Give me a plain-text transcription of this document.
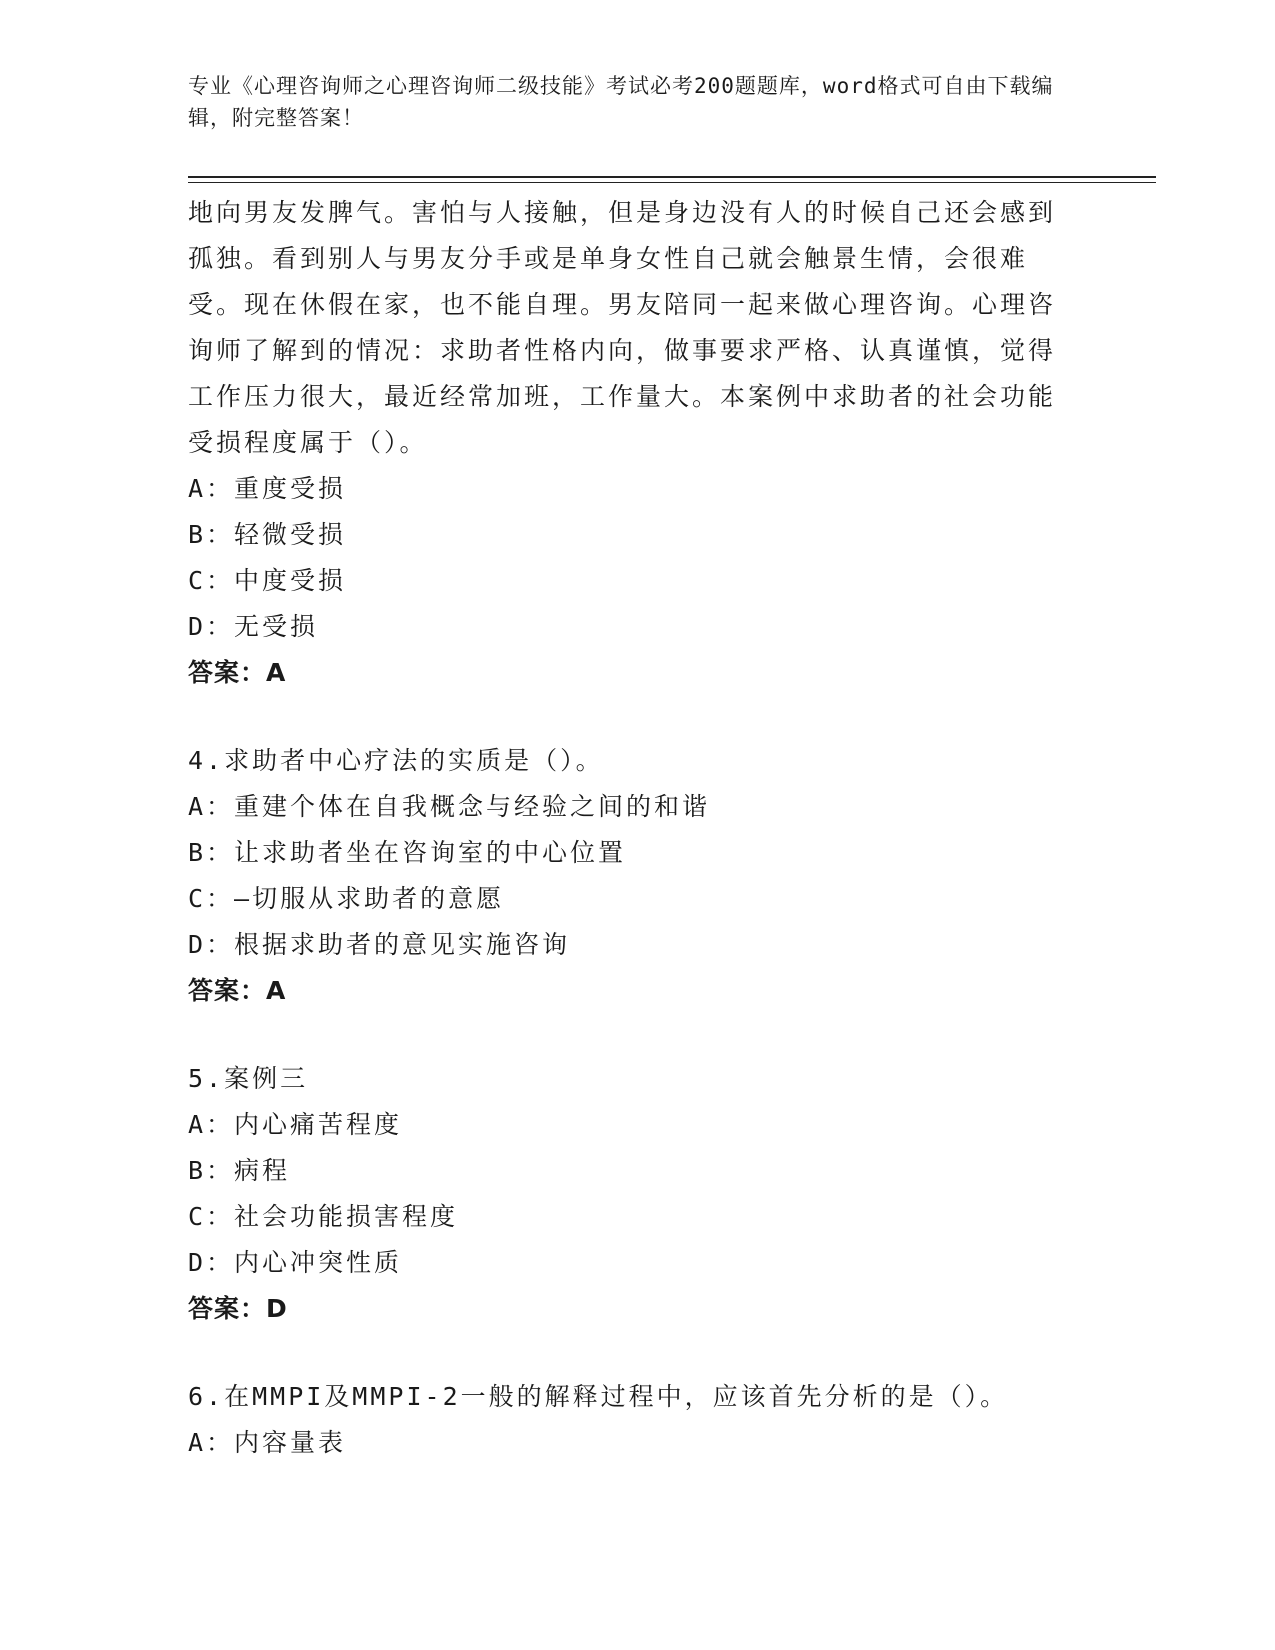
专业《心理咨询师之心理咨询师二级技能》考试必考200题题库，word格式可自由下载编辑，附完整答案！

地向男友发脾气。害怕与人接触，但是身边没有人的时候自己还会感到孤独。看到别人与男友分手或是单身女性自己就会触景生情，会很难受。现在休假在家，也不能自理。男友陪同一起来做心理咨询。心理咨询师了解到的情况：求助者性格内向，做事要求严格、认真谨慎，觉得工作压力很大，最近经常加班，工作量大。本案例中求助者的社会功能受损程度属于（）。

A：重度受损
B：轻微受损
C：中度受损
D：无受损
答案：A
4.求助者中心疗法的实质是（）。
A：重建个体在自我概念与经验之间的和谐
B：让求助者坐在咨询室的中心位置
C：—切服从求助者的意愿
D：根据求助者的意见实施咨询
答案：A
5.案例三
A：内心痛苦程度
B：病程
C：社会功能损害程度
D：内心冲突性质
答案：D
6.在MMPI及MMPI-2一般的解释过程中，应该首先分析的是（）。
A：内容量表
